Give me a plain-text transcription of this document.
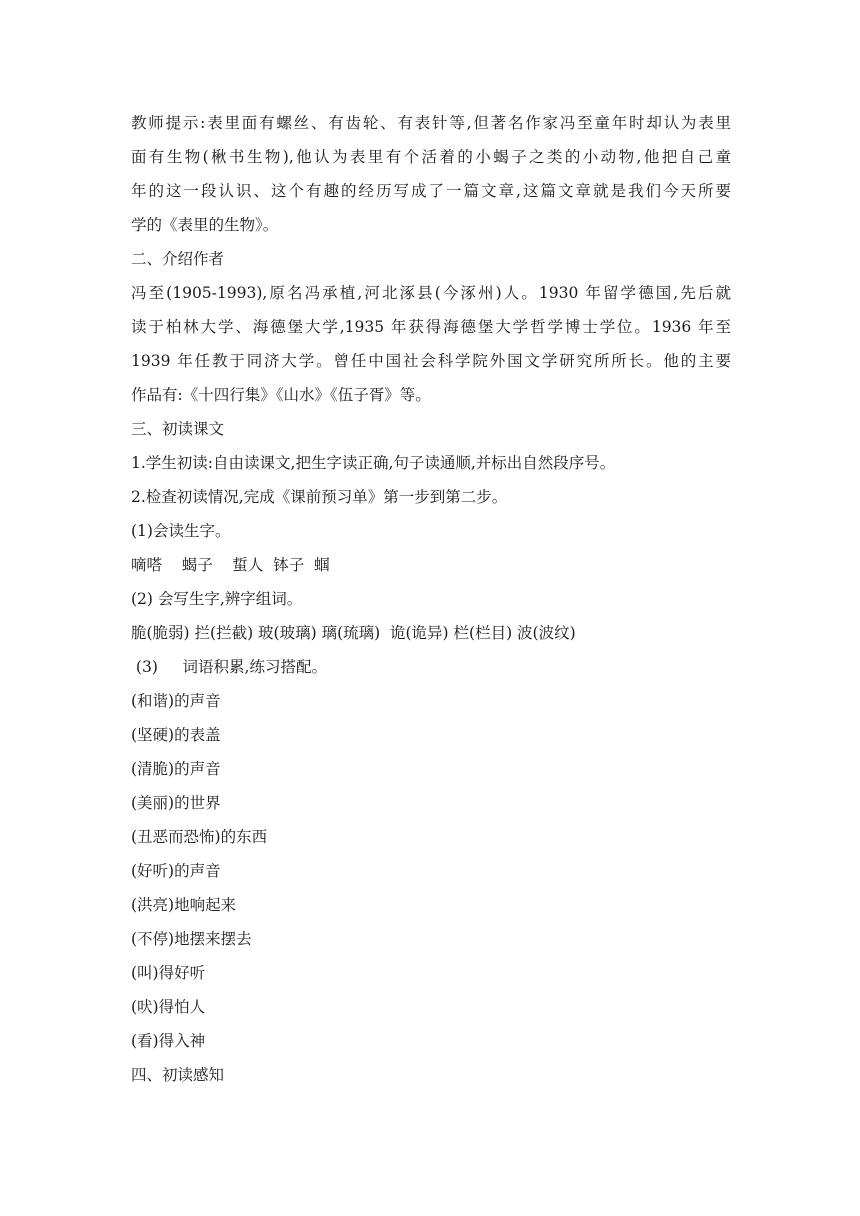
教师提示:表里面有螺丝、有齿轮、有表针等,但著名作家冯至童年时却认为表里
面有生物(楸书生物),他认为表里有个活着的小蝎子之类的小动物,他把自己童
年的这一段认识、这个有趣的经历写成了一篇文章,这篇文章就是我们今天所要
学的《表里的生物》。
二、介绍作者
冯至(1905-1993),原名冯承植,河北涿县(今涿州)人。1930 年留学德国,先后就
读于柏林大学、海德堡大学,1935 年获得海德堡大学哲学博士学位。1936 年至
1939 年任教于同济大学。曾任中国社会科学院外国文学研究所所长。他的主要
作品有:《十四行集》《山水》《伍子胥》等。
三、初读课文
1.学生初读:自由读课文,把生字读正确,句子读通顺,并标出自然段序号。
2.检查初读情况,完成《课前预习单》第一步到第二步。
(1)会读生字。
嘀嗒    蝎子    蜇人  钵子  蝈
(2) 会写生字,辨字组词。
脆(脆弱) 拦(拦截) 玻(玻璃) 璃(琉璃)  诡(诡异) 栏(栏目) 波(波纹)
(3)     词语积累,练习搭配。
(和谐)的声音
(坚硬)的表盖
(清脆)的声音
(美丽)的世界
(丑恶而恐怖)的东西
(好听)的声音
(洪亮)地响起来
(不停)地摆来摆去
(叫)得好听
(吠)得怕人
(看)得入神
四、初读感知
